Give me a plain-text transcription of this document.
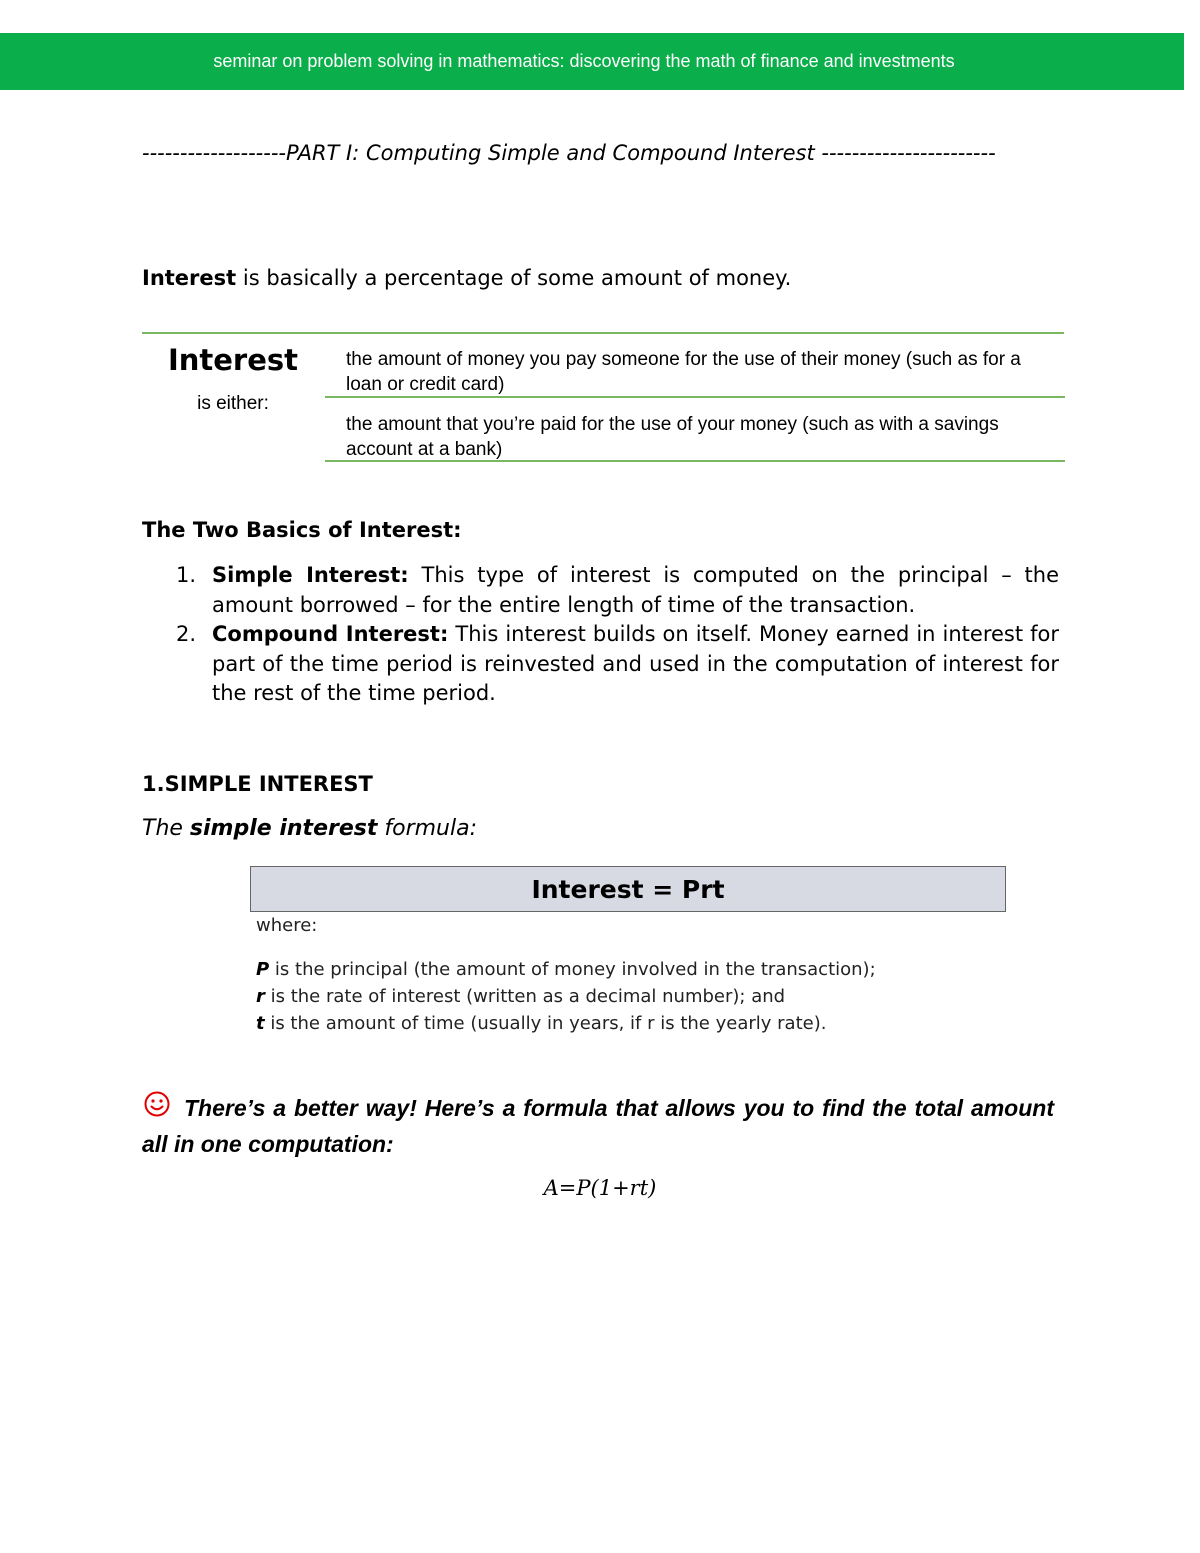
seminar on problem solving in mathematics: discovering the math of finance and investments
-------------------PART I: Computing Simple and Compound Interest -----------------------
Interest is basically a percentage of some amount of money.
Interest
is either:
the amount of money you pay someone for the use of their money (such as for a loan or credit card)
the amount that you’re paid for the use of your money (such as with a savings account at a bank)
The Two Basics of Interest:
1. Simple Interest: This type of interest is computed on the principal – the amount borrowed – for the entire length of time of the transaction.
2. Compound Interest: This interest builds on itself. Money earned in interest for part of the time period is reinvested and used in the computation of interest for the rest of the time period.
1.SIMPLE INTEREST
The simple interest formula:
Interest = Prt
where:
P is the principal (the amount of money involved in the transaction);
r is the rate of interest (written as a decimal number); and
t is the amount of time (usually in years, if r is the yearly rate).
There’s a better way! Here’s a formula that allows you to find the total amount all in one computation:
A=P(1+rt)
